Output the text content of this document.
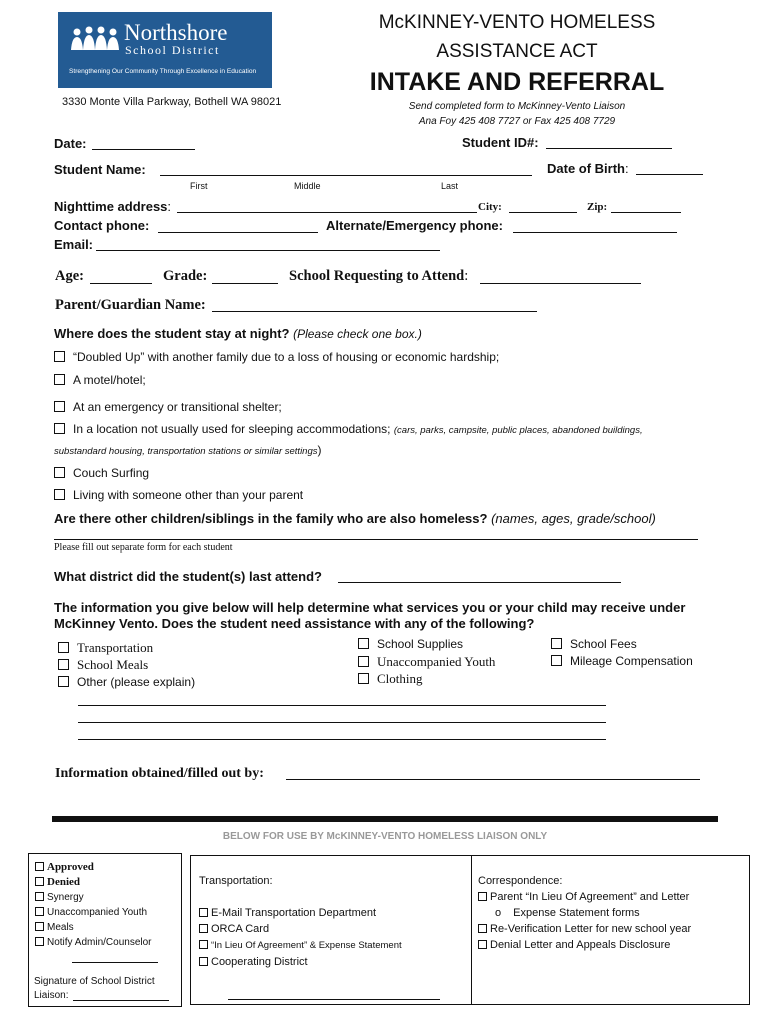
Northshore
School District
Strengthening Our Community Through Excellence in Education
3330 Monte Villa Parkway, Bothell WA 98021
McKINNEY-VENTO HOMELESS
ASSISTANCE ACT
INTAKE AND REFERRAL
Send completed form to McKinney-Vento Liaison
Ana Foy 425 408 7727 or Fax 425 408 7729
Date:	Student ID#:
Student Name:	Date of Birth:
First	Middle	Last
Nighttime address:	City:	Zip:
Contact phone:	Alternate/Emergency phone:
Email:
Age:	Grade:	School Requesting to Attend:
Parent/Guardian Name:
Where does the student stay at night? (Please check one box.)
“Doubled Up” with another family due to a loss of housing or economic hardship;
A motel/hotel;
At an emergency or transitional shelter;
In a location not usually used for sleeping accommodations; (cars, parks, campsite, public places, abandoned buildings,
substandard housing, transportation stations or similar settings)
Couch Surfing
Living with someone other than your parent
Are there other children/siblings in the family who are also homeless? (names, ages, grade/school)
Please fill out separate form for each student
What district did the student(s) last attend?
The information you give below will help determine what services you or your child may receive under
McKinney Vento. Does the student need assistance with any of the following?
Transportation
School Meals
Other (please explain)
School Supplies
Unaccompanied Youth
Clothing
School Fees
Mileage Compensation
Information obtained/filled out by:
BELOW FOR USE BY McKINNEY-VENTO HOMELESS LIAISON ONLY
Approved
Denied
Synergy
Unaccompanied Youth
Meals
Notify Admin/Counselor
Signature of School District
Liaison:
Transportation:
E-Mail Transportation Department
ORCA Card
“In Lieu Of Agreement” & Expense Statement
Cooperating District
Correspondence:
Parent “In Lieu Of Agreement” and Letter
o Expense Statement forms
Re-Verification Letter for new school year
Denial Letter and Appeals Disclosure
